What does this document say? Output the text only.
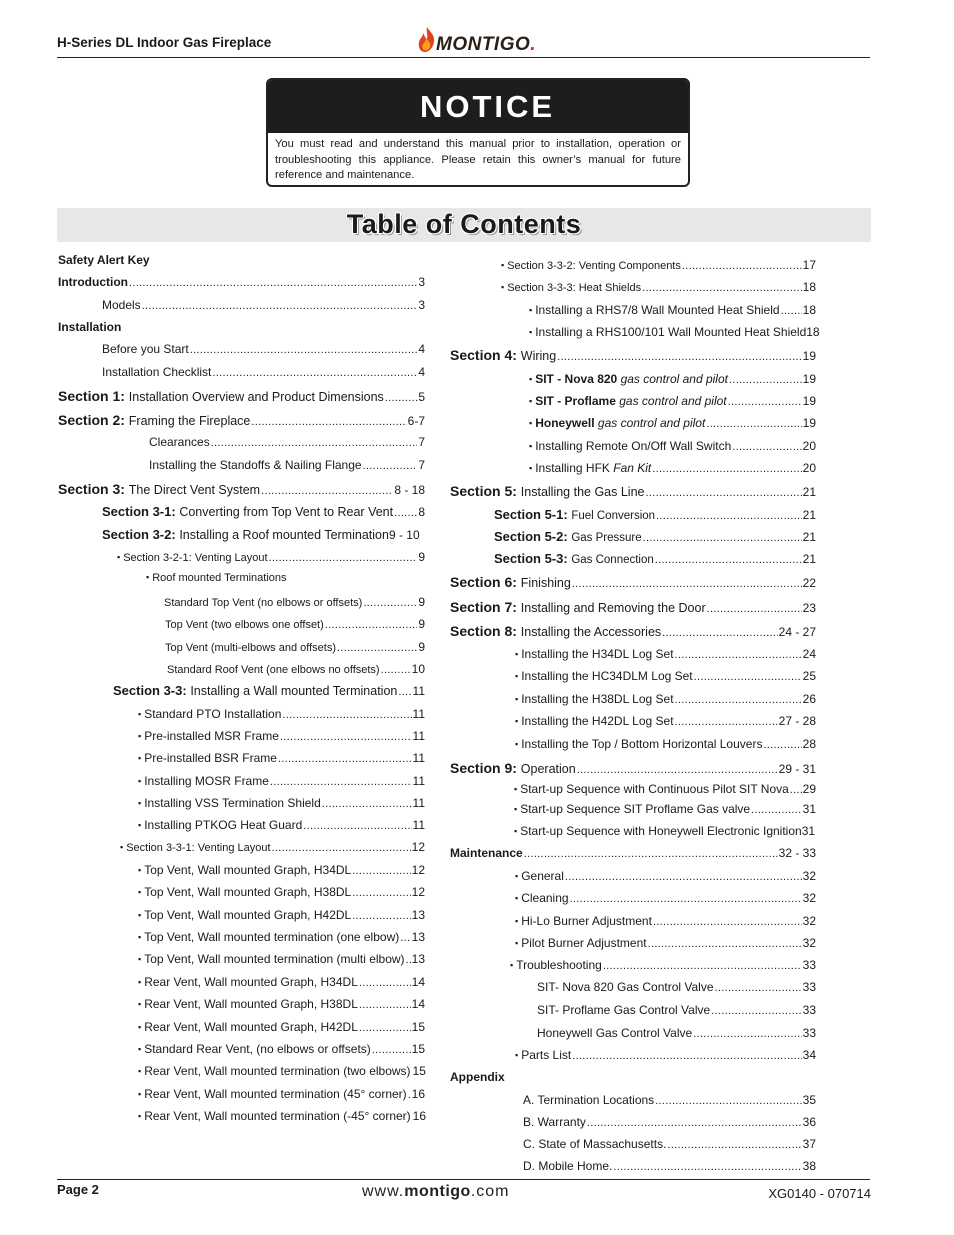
H-Series DL Indoor Gas Fireplace	MONTIGO.
NOTICE
You must read and understand this manual prior to installation, operation or troubleshooting this appliance. Please retain this owner’s manual for future reference and maintenance.
Table of Contents
Safety Alert Key
Introduction .....	3
Models .....	3
Installation
Before you Start .....	4
Installation Checklist .....	4
Section 1: Installation Overview and Product Dimensions .....	5
Section 2: Framing the Fireplace .....	6-7
Clearances .....	7
Installing the Standoffs & Nailing Flange .....	7
Section 3: The Direct Vent System .....	8 - 18
Section 3-1: Converting from Top Vent to Rear Vent ..... 8
Section 3-2: Installing a Roof mounted Termination 9 - 10
▪ Section 3-2-1: Venting Layout .....	9
▪ Roof mounted Terminations
Standard Top Vent (no elbows or offsets) .....	9
Top Vent (two elbows one offset) .....	9
Top Vent (multi-elbows and offsets) .....	9
Standard Roof Vent (one elbows no offsets) .....	10
Section 3-3: Installing a Wall mounted Termination ..... 11
▪ Standard PTO Installation .....	11
▪ Pre-installed MSR Frame .....	11
▪ Pre-installed BSR Frame .....	11
▪ Installing MOSR Frame .....	11
▪ Installing VSS Termination Shield .....	11
▪ Installing PTKOG Heat Guard .....	11
▪ Section 3-3-1: Venting Layout .....	12
▪ Top Vent, Wall mounted Graph, H34DL .....	12
▪ Top Vent, Wall mounted Graph, H38DL .....	12
▪ Top Vent, Wall mounted Graph, H42DL .....	13
▪ Top Vent, Wall mounted termination (one elbow) ..... 13
▪ Top Vent, Wall mounted termination (multi elbow) ..... 13
▪ Rear Vent, Wall mounted Graph, H34DL .....	14
▪ Rear Vent, Wall mounted Graph, H38DL .....	14
▪ Rear Vent, Wall mounted Graph, H42DL .....	15
▪ Standard Rear Vent, (no elbows or offsets) .....	15
▪ Rear Vent, Wall mounted termination (two elbows) 15
▪ Rear Vent, Wall mounted termination (45° corner) ..... 16
▪ Rear Vent, Wall mounted termination (-45° corner) 16
▪ Section 3-3-2: Venting Components .....	17
▪ Section 3-3-3: Heat Shields .....	18
▪ Installing a RHS7/8 Wall Mounted Heat Shield ..... 18
▪ Installing a RHS100/101 Wall Mounted Heat Shield 18
Section 4: Wiring .....	19
▪ SIT - Nova 820 gas control and pilot .....	19
▪ SIT - Proflame gas control and pilot .....	19
▪ Honeywell gas control and pilot .....	19
▪ Installing Remote On/Off Wall Switch .....	20
▪ Installing HFK Fan Kit .....	20
Section 5: Installing the Gas Line .....	21
Section 5-1: Fuel Conversion .....	21
Section 5-2: Gas Pressure .....	21
Section 5-3: Gas Connection .....	21
Section 6: Finishing .....	22
Section 7: Installing and Removing the Door .....	23
Section 8: Installing the Accessories .....	24 - 27
▪ Installing the H34DL Log Set .....	24
▪ Installing the HC34DLM Log Set .....	25
▪ Installing the H38DL Log Set .....	26
▪ Installing the H42DL Log Set .....	27 - 28
▪ Installing the Top / Bottom Horizontal Louvers .....	28
Section 9: Operation .....	29 - 31
▪ Start-up Sequence with Continuous Pilot SIT Nova ..... 29
▪ Start-up Sequence SIT Proflame Gas valve .....	31
▪ Start-up Sequence with Honeywell Electronic Ignition 31
Maintenance .....	32 - 33
▪ General .....	32
▪ Cleaning .....	32
▪ Hi-Lo Burner Adjustment .....	32
▪ Pilot Burner Adjustment .....	32
▪ Troubleshooting .....	33
SIT- Nova 820 Gas Control Valve .....	33
SIT- Proflame Gas Control Valve .....	33
Honeywell Gas Control Valve .....	33
▪ Parts List .....	34
Appendix
A. Termination Locations .....	35
B. Warranty .....	36
C. State of Massachusetts. .....	37
D. Mobile Home. .....	38
Page 2	www.montigo.com	XG0140 - 070714
